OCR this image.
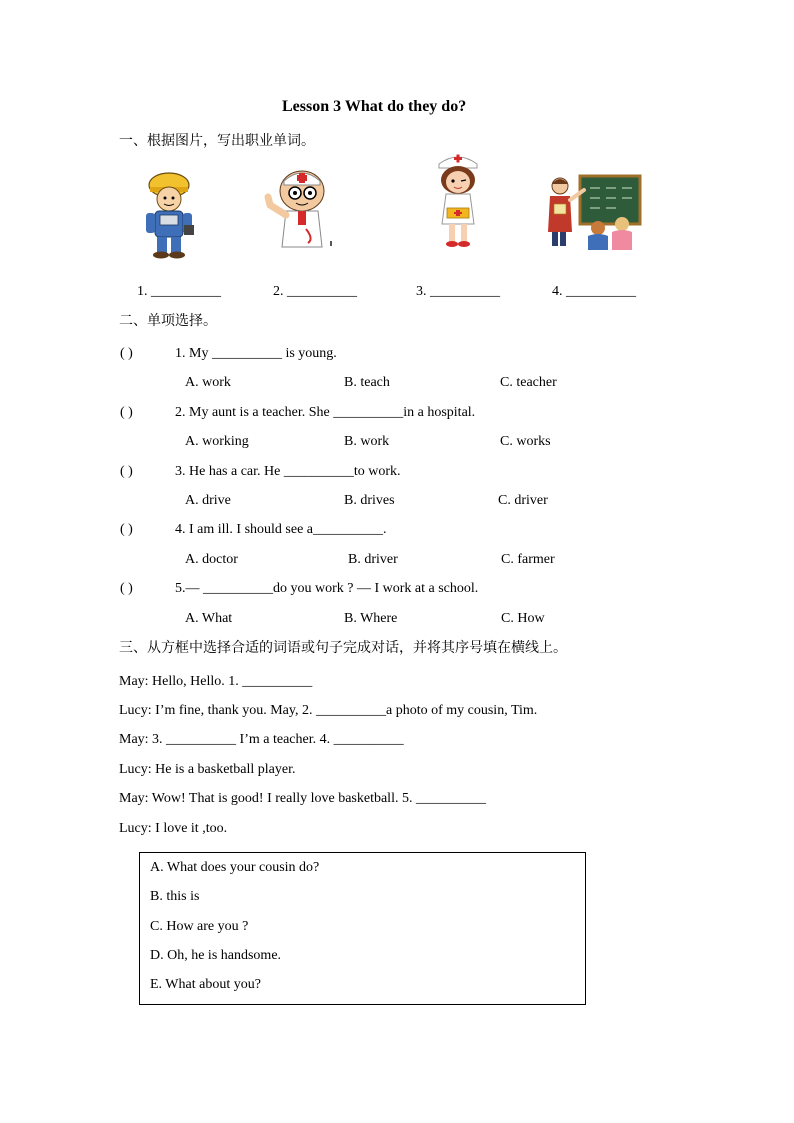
Lesson 3 What do they do?
一、根据图片，写出职业单词。
1. __________	2. __________	3. __________	4. __________
二、单项选择。
( )	1. My __________ is young.
A. work	B. teach	C. teacher
( )	2. My aunt is a teacher. She __________in a hospital.
A. working	B. work	C. works
( )	3. He has a car. He __________to work.
A. drive	B. drives	C. driver
( )	4. I am ill. I should see a__________.
A. doctor	B. driver	C. farmer
( )	5.— __________do you work ? — I work at a school.
A. What	B. Where	C. How
三、从方框中选择合适的词语或句子完成对话，并将其序号填在横线上。
May: Hello, Hello. 1. __________
Lucy: I’m fine, thank you. May, 2. __________a photo of my cousin, Tim.
May: 3. __________ I’m a teacher. 4. __________
Lucy: He is a basketball player.
May: Wow! That is good! I really love basketball. 5. __________
Lucy: I love it ,too.
A. What does your cousin do?
B. this is
C. How are you ?
D. Oh, he is handsome.
E. What about you?
